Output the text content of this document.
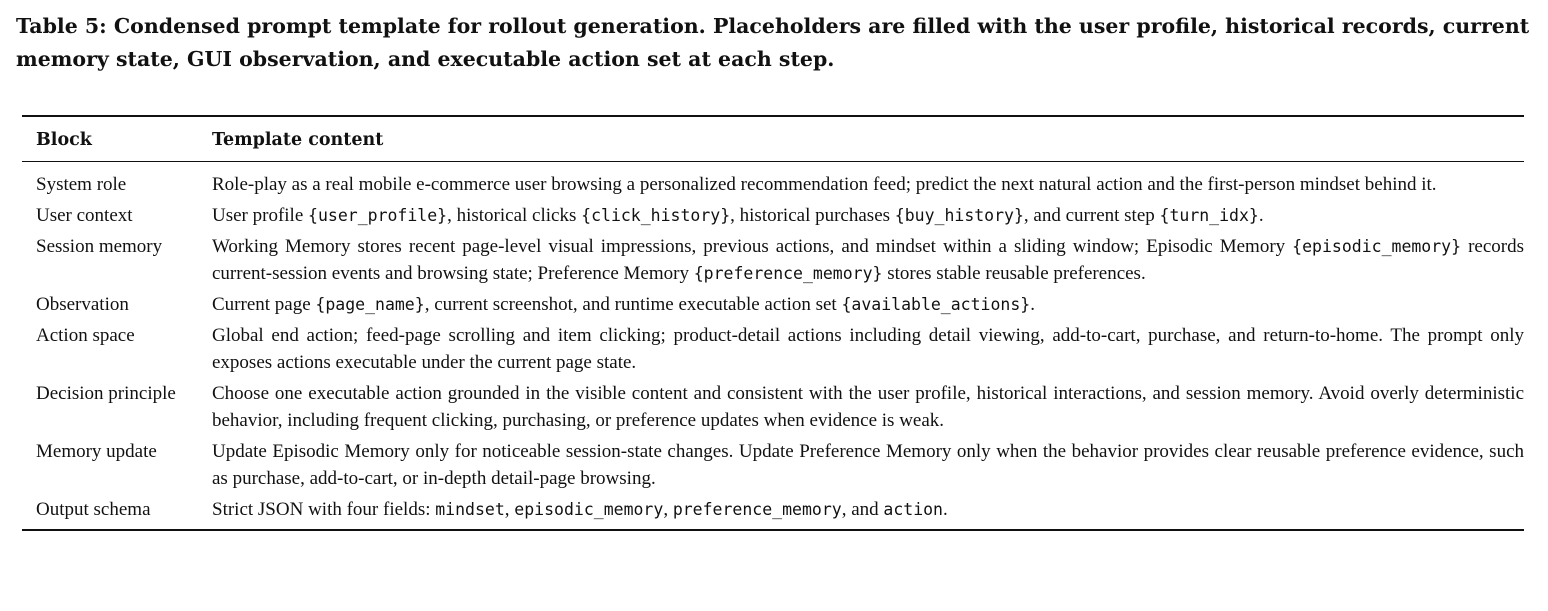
Table 5: Condensed prompt template for rollout generation. Placeholders are filled with the user profile, historical records, current memory state, GUI observation, and executable action set at each step.

Block	Template content
System role	Role-play as a real mobile e-commerce user browsing a personalized recommendation feed; predict the next natural action and the first-person mindset behind it.
User context	User profile {user_profile}, historical clicks {click_history}, historical purchases {buy_history}, and current step {turn_idx}.
Session memory	Working Memory stores recent page-level visual impressions, previous actions, and mindset within a sliding window; Episodic Memory {episodic_memory} records current-session events and browsing state; Preference Memory {preference_memory} stores stable reusable preferences.
Observation	Current page {page_name}, current screenshot, and runtime executable action set {available_actions}.
Action space	Global end action; feed-page scrolling and item clicking; product-detail actions including detail viewing, add-to-cart, purchase, and return-to-home. The prompt only exposes actions executable under the current page state.
Decision principle	Choose one executable action grounded in the visible content and consistent with the user profile, historical interactions, and session memory. Avoid overly deterministic behavior, including frequent clicking, purchasing, or preference updates when evidence is weak.
Memory update	Update Episodic Memory only for noticeable session-state changes. Update Preference Memory only when the behavior provides clear reusable preference evidence, such as purchase, add-to-cart, or in-depth detail-page browsing.
Output schema	Strict JSON with four fields: mindset, episodic_memory, preference_memory, and action.
